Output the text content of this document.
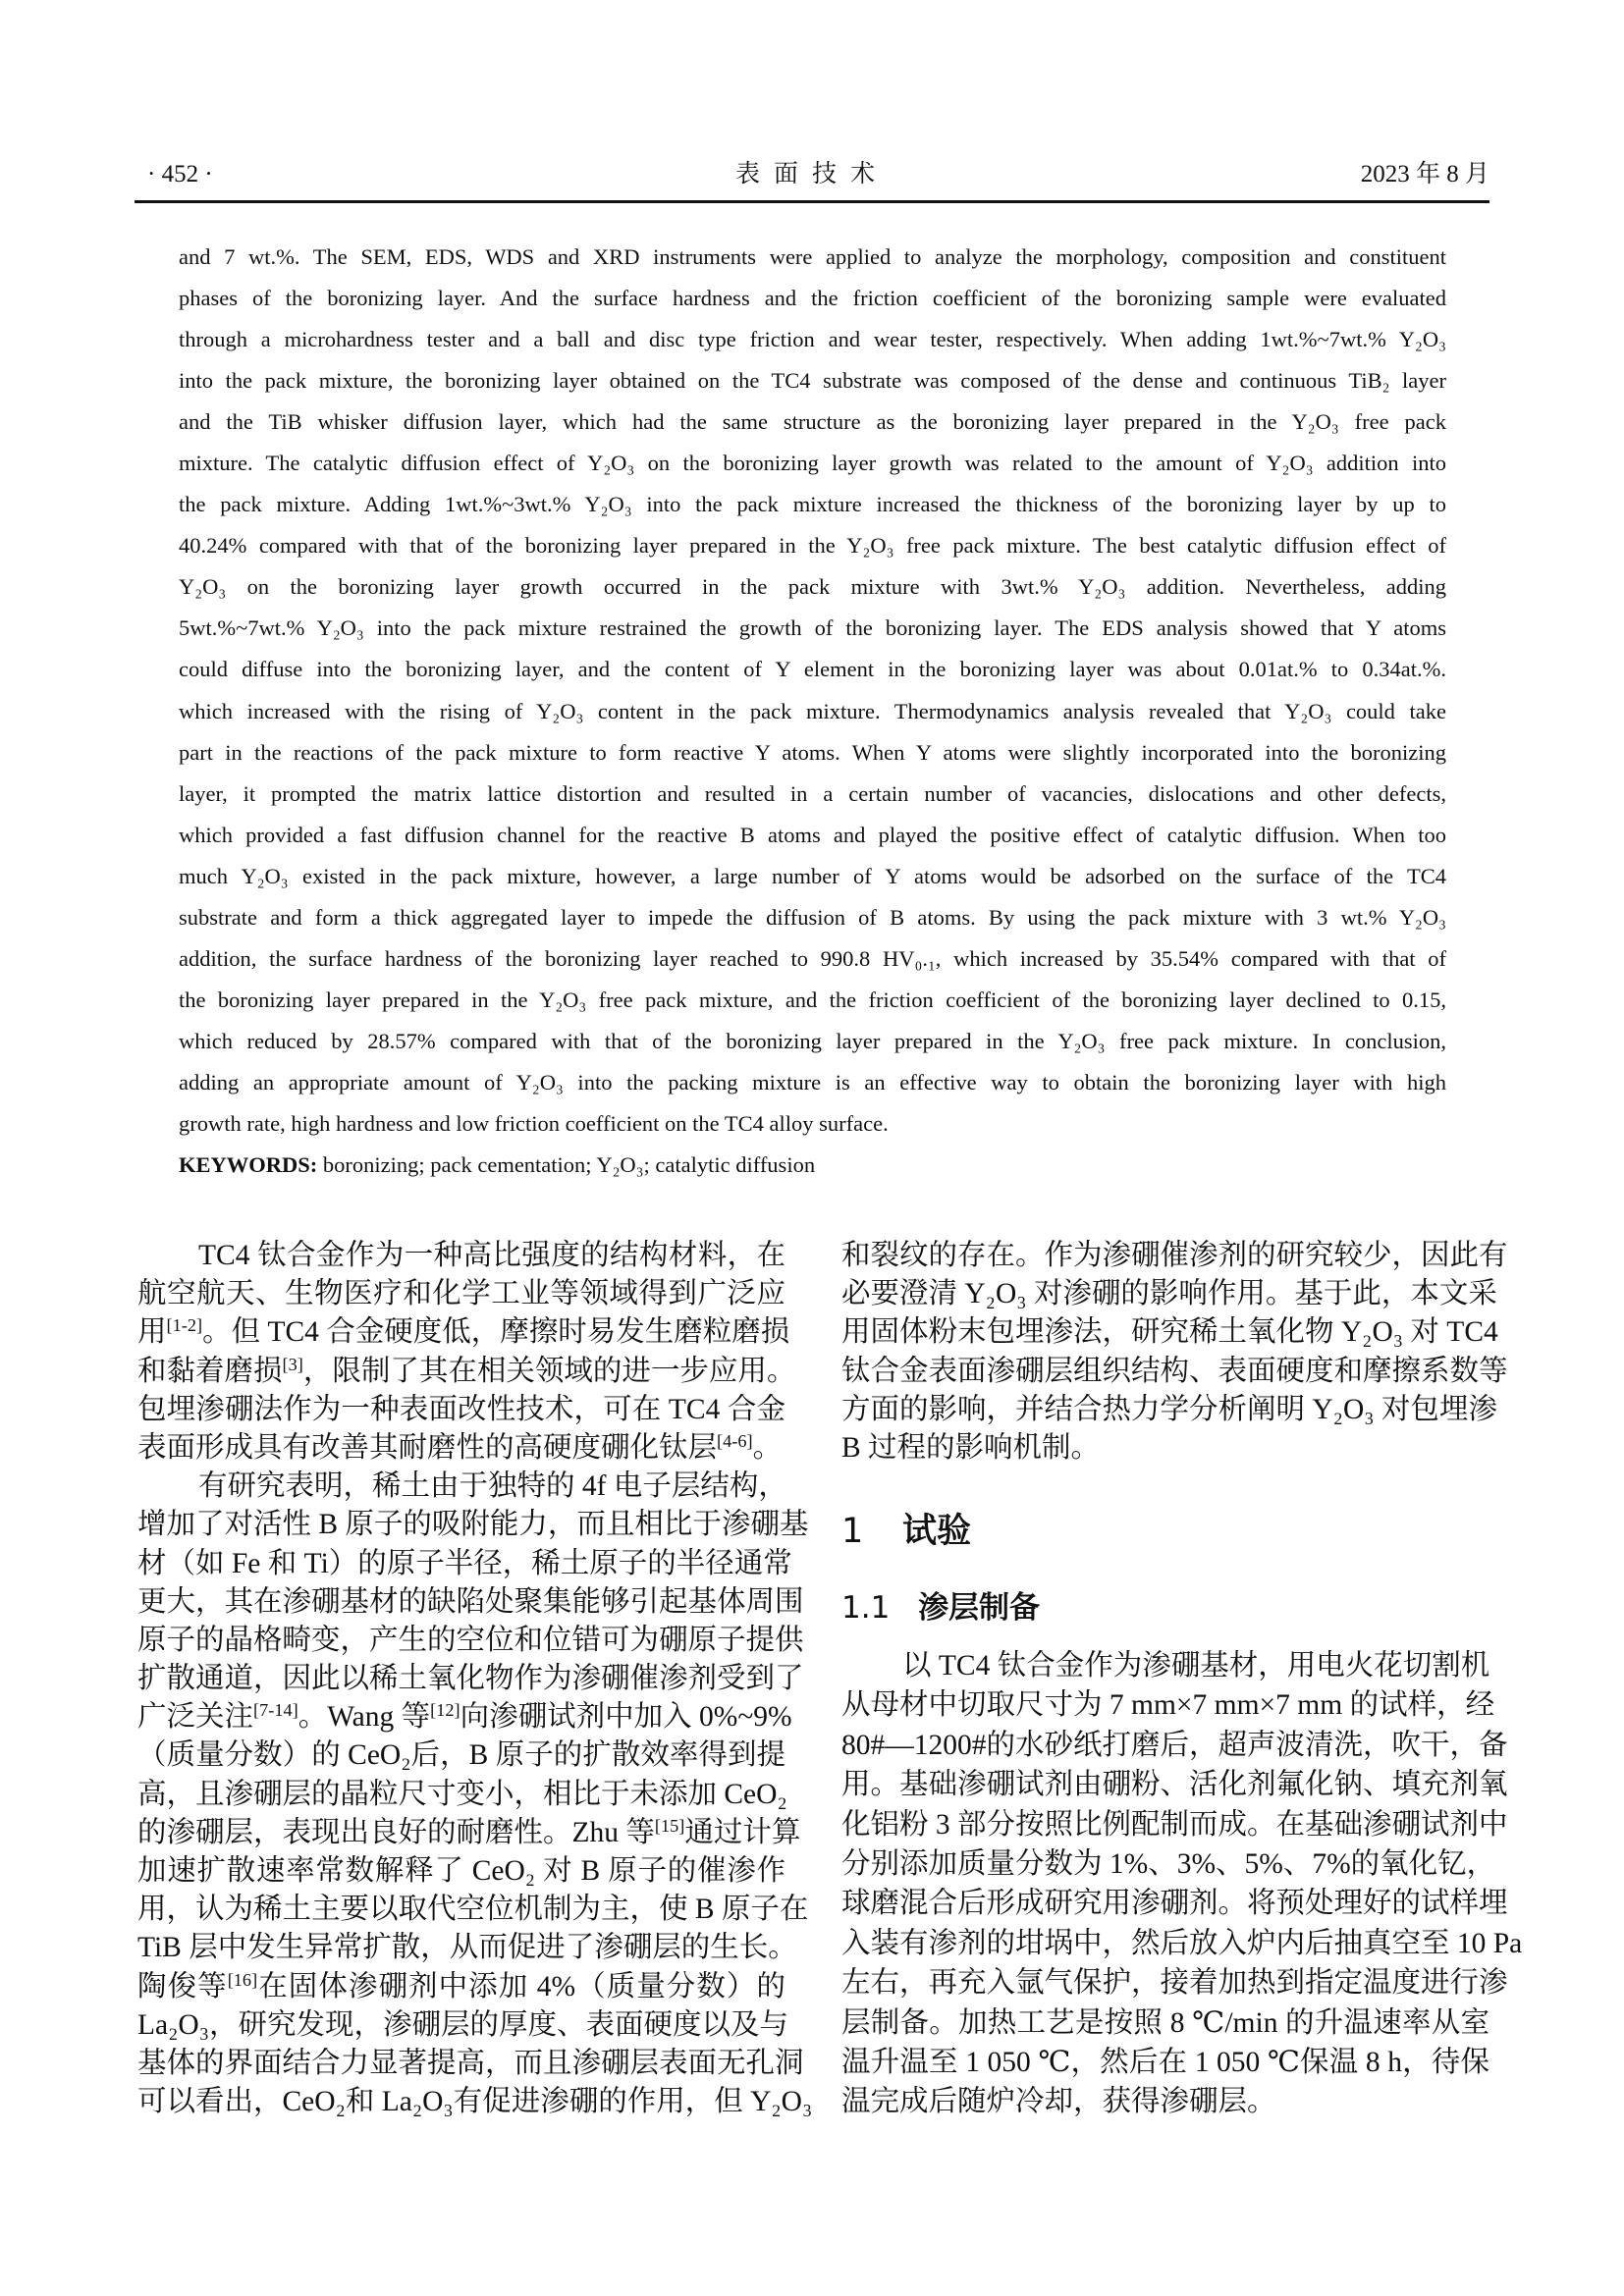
· 452 ·	表面技术	2023 年 8 月
and 7 wt.%. The SEM, EDS, WDS and XRD instruments were applied to analyze the morphology, composition and constituent
phases of the boronizing layer. And the surface hardness and the friction coefficient of the boronizing sample were evaluated
through a microhardness tester and a ball and disc type friction and wear tester, respectively. When adding 1wt.%~7wt.% Y₂O₃
into the pack mixture, the boronizing layer obtained on the TC4 substrate was composed of the dense and continuous TiB₂ layer
and the TiB whisker diffusion layer, which had the same structure as the boronizing layer prepared in the Y₂O₃ free pack
mixture. The catalytic diffusion effect of Y₂O₃ on the boronizing layer growth was related to the amount of Y₂O₃ addition into
the pack mixture. Adding 1wt.%~3wt.% Y₂O₃ into the pack mixture increased the thickness of the boronizing layer by up to
40.24% compared with that of the boronizing layer prepared in the Y₂O₃ free pack mixture. The best catalytic diffusion effect of
Y₂O₃ on the boronizing layer growth occurred in the pack mixture with 3wt.% Y₂O₃ addition. Nevertheless, adding
5wt.%~7wt.% Y₂O₃ into the pack mixture restrained the growth of the boronizing layer. The EDS analysis showed that Y atoms
could diffuse into the boronizing layer, and the content of Y element in the boronizing layer was about 0.01at.% to 0.34at.%.
which increased with the rising of Y₂O₃ content in the pack mixture. Thermodynamics analysis revealed that Y₂O₃ could take
part in the reactions of the pack mixture to form reactive Y atoms. When Y atoms were slightly incorporated into the boronizing
layer, it prompted the matrix lattice distortion and resulted in a certain number of vacancies, dislocations and other defects,
which provided a fast diffusion channel for the reactive B atoms and played the positive effect of catalytic diffusion. When too
much Y₂O₃ existed in the pack mixture, however, a large number of Y atoms would be adsorbed on the surface of the TC4
substrate and form a thick aggregated layer to impede the diffusion of B atoms. By using the pack mixture with 3 wt.% Y₂O₃
addition, the surface hardness of the boronizing layer reached to 990.8 HV₀.₁, which increased by 35.54% compared with that of
the boronizing layer prepared in the Y₂O₃ free pack mixture, and the friction coefficient of the boronizing layer declined to 0.15,
which reduced by 28.57% compared with that of the boronizing layer prepared in the Y₂O₃ free pack mixture. In conclusion,
adding an appropriate amount of Y₂O₃ into the packing mixture is an effective way to obtain the boronizing layer with high
growth rate, high hardness and low friction coefficient on the TC4 alloy surface.
KEYWORDS: boronizing; pack cementation; Y₂O₃; catalytic diffusion
TC4 钛合金作为一种高比强度的结构材料，在
航空航天、生物医疗和化学工业等领域得到广泛应
用[1-2]。但 TC4 合金硬度低，摩擦时易发生磨粒磨损
和黏着磨损[3]，限制了其在相关领域的进一步应用。
包埋渗硼法作为一种表面改性技术，可在 TC4 合金
表面形成具有改善其耐磨性的高硬度硼化钛层[4-6]。
有研究表明，稀土由于独特的 4f 电子层结构，
增加了对活性 B 原子的吸附能力，而且相比于渗硼基
材（如 Fe 和 Ti）的原子半径，稀土原子的半径通常
更大，其在渗硼基材的缺陷处聚集能够引起基体周围
原子的晶格畸变，产生的空位和位错可为硼原子提供
扩散通道，因此以稀土氧化物作为渗硼催渗剂受到了
广泛关注[7-14]。Wang 等[12]向渗硼试剂中加入 0%~9%
（质量分数）的 CeO₂后，B 原子的扩散效率得到提
高，且渗硼层的晶粒尺寸变小，相比于未添加 CeO₂
的渗硼层，表现出良好的耐磨性。Zhu 等[15]通过计算
加速扩散速率常数解释了 CeO₂ 对 B 原子的催渗作
用，认为稀土主要以取代空位机制为主，使 B 原子在
TiB 层中发生异常扩散，从而促进了渗硼层的生长。
陶俊等[16]在固体渗硼剂中添加 4%（质量分数）的
La₂O₃，研究发现，渗硼层的厚度、表面硬度以及与
基体的界面结合力显著提高，而且渗硼层表面无孔洞
可以看出，CeO₂和 La₂O₃有促进渗硼的作用，但 Y₂O₃
和裂纹的存在。作为渗硼催渗剂的研究较少，因此有
必要澄清 Y₂O₃ 对渗硼的影响作用。基于此，本文采
用固体粉末包埋渗法，研究稀土氧化物 Y₂O₃ 对 TC4
钛合金表面渗硼层组织结构、表面硬度和摩擦系数等
方面的影响，并结合热力学分析阐明 Y₂O₃ 对包埋渗
B 过程的影响机制。
1 试验
1.1 渗层制备
以 TC4 钛合金作为渗硼基材，用电火花切割机
从母材中切取尺寸为 7 mm×7 mm×7 mm 的试样，经
80#—1200#的水砂纸打磨后，超声波清洗，吹干，备
用。基础渗硼试剂由硼粉、活化剂氟化钠、填充剂氧
化铝粉 3 部分按照比例配制而成。在基础渗硼试剂中
分别添加质量分数为 1%、3%、5%、7%的氧化钇，
球磨混合后形成研究用渗硼剂。将预处理好的试样埋
入装有渗剂的坩埚中，然后放入炉内后抽真空至 10 Pa
左右，再充入氩气保护，接着加热到指定温度进行渗
层制备。加热工艺是按照 8 ℃/min 的升温速率从室
温升温至 1 050 ℃，然后在 1 050 ℃保温 8 h，待保
温完成后随炉冷却，获得渗硼层。
